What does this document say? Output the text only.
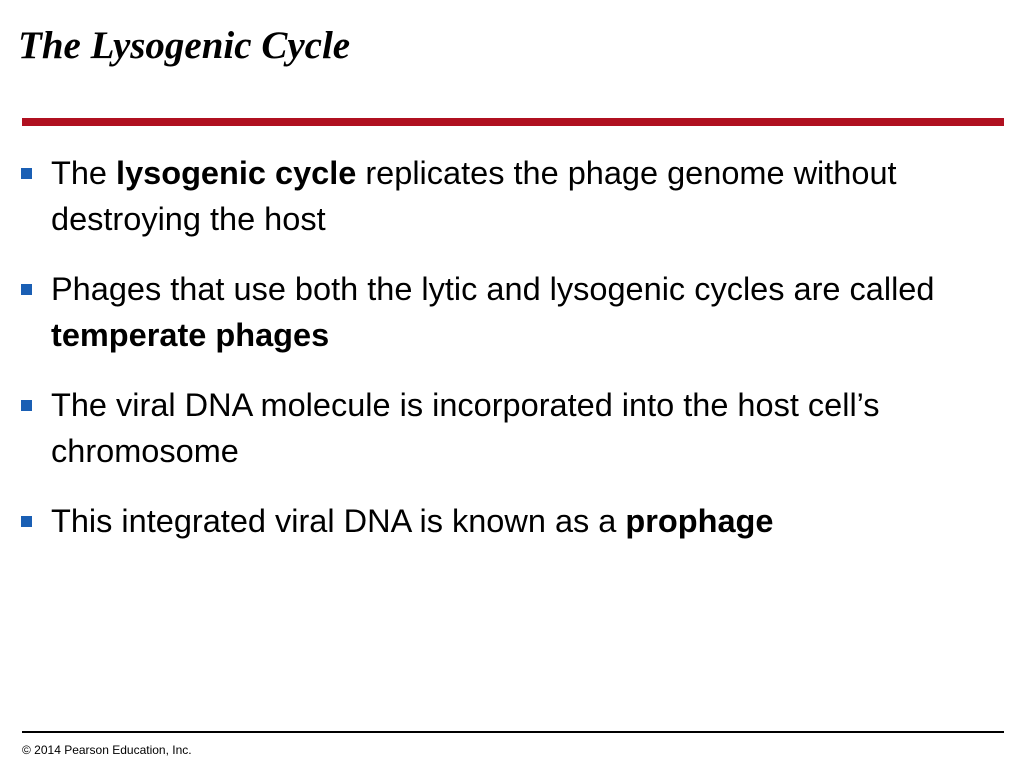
The Lysogenic Cycle
The lysogenic cycle replicates the phage genome without destroying the host
Phages that use both the lytic and lysogenic cycles are called temperate phages
The viral DNA molecule is incorporated into the host cell’s chromosome
This integrated viral DNA is known as a prophage
© 2014 Pearson Education, Inc.
